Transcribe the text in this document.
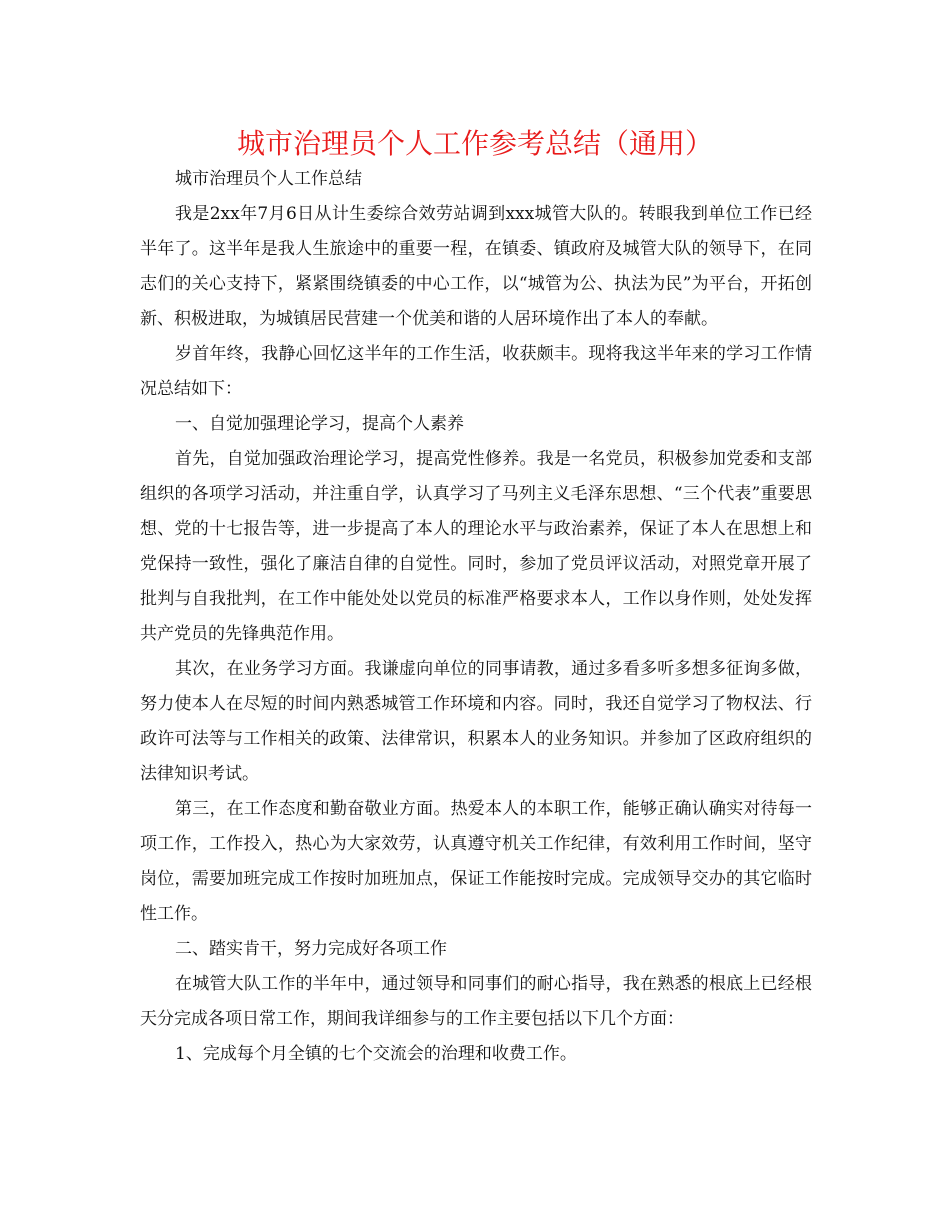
城市治理员个人工作参考总结（通用）

城市治理员个人工作总结

我是2xx年7月6日从计生委综合效劳站调到xxx城管大队的。转眼我到单位工作已经半年了。这半年是我人生旅途中的重要一程，在镇委、镇政府及城管大队的领导下，在同志们的关心支持下，紧紧围绕镇委的中心工作，以“城管为公、执法为民”为平台，开拓创新、积极进取，为城镇居民营建一个优美和谐的人居环境作出了本人的奉献。

岁首年终，我静心回忆这半年的工作生活，收获颇丰。现将我这半年来的学习工作情况总结如下：

一、自觉加强理论学习，提高个人素养

首先，自觉加强政治理论学习，提高党性修养。我是一名党员，积极参加党委和支部组织的各项学习活动，并注重自学，认真学习了马列主义毛泽东思想、“三个代表”重要思想、党的十七报告等，进一步提高了本人的理论水平与政治素养，保证了本人在思想上和党保持一致性，强化了廉洁自律的自觉性。同时，参加了党员评议活动，对照党章开展了批判与自我批判，在工作中能处处以党员的标准严格要求本人，工作以身作则，处处发挥共产党员的先锋典范作用。

其次，在业务学习方面。我谦虚向单位的同事请教，通过多看多听多想多征询多做，努力使本人在尽短的时间内熟悉城管工作环境和内容。同时，我还自觉学习了物权法、行政许可法等与工作相关的政策、法律常识，积累本人的业务知识。并参加了区政府组织的法律知识考试。

第三，在工作态度和勤奋敬业方面。热爱本人的本职工作，能够正确认确实对待每一项工作，工作投入，热心为大家效劳，认真遵守机关工作纪律，有效利用工作时间，坚守岗位，需要加班完成工作按时加班加点，保证工作能按时完成。完成领导交办的其它临时性工作。

二、踏实肯干，努力完成好各项工作

在城管大队工作的半年中，通过领导和同事们的耐心指导，我在熟悉的根底上已经根天分完成各项日常工作，期间我详细参与的工作主要包括以下几个方面：

1、完成每个月全镇的七个交流会的治理和收费工作。
